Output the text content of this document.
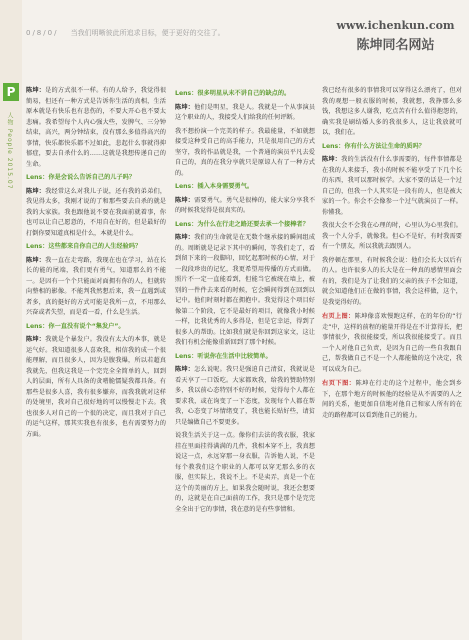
P
人物 People 2015.07
0/8/0/ 当我们明晰彼此所追求目标，便于更好的交往了。
www.ichenkun.com
陈坤同名网站
陈坤：是的方式很不一样。有的人给予，我觉得很簡易，但还有一种方式是告诉你生活的真相，生活原本就是有快乐也有悲伤的，不要大开心也不要太悲痛。我希望每个人内心强大些，发脾气、三分钟结束，高兴，两分钟结束，没有那么多值得高兴的事情，快乐都快乐都不过如此，悲起什么事就得抑郁症，要去自杀什么的……这就是我想传递自己的生命。
Lens：你是会说么告诉自己的儿子吗？
陈坤：我经常这么对我儿子说，还有我的弟弟们，我见得太多，我刚才说的了和那些要去自杀的就是我的大家族。我也跟他说不要在我面前就着事，你也可以让自己愿意的，不用自在好的，但是最好的打倒你要知道真相是什么，本就是什么。
Lens：这些都来自你自己的人生经验吗？
陈坤：我一直在走弯路，我现在也在学习，站在长长的能的尾端，我们更有勇气，知道那么的不能一。是因有一个个只能面对面拥有你的人，但就转向整相的影像。不能判我然想后来，我一直遇到或者多，真的挺好的方式可能是我所一点，不用那么兴奋或者失望，而是看一看，什么是生活。
Lens：你一直没有说个“集发户”。
陈坤：我就是个暴发户。我没有太大的本事，就是运气好。我知道很多人喜欢我，相信我的成一个很能理解，而且很多人，因为是腹我爆，所以若超真我就先，但我这我是一个完完全全简单的人，回到人的层面，所有人具备的贪嗜脆懦疑我都具备。有那些是很多人喜，我有很多嫌弃，而我我就对这样的处境里，我对自己很好地的可以慢慢走下去。我也很多人对自己的一个很的决定，而且我对于自己的运气这样，那其实我也有很多，也有需要努力的方面。
Lens：很多明星从未不讲自己的缺点的。
陈坤：他们是明星，我是人。我就是一个从事演员这个职业的人，我接受人们给我的任何评断。
我不想扮演一个完美的样子。我最能量，不如就想接受这种受自己的高手能力，只是很用自己的方式坚守，我的作品就是我，一个普通的演员平凡去爱自己的，真的在我分享就只是原谅人有了一种方式的。
Lens：插入本身需要勇气。
陈坤：需要勇气。勇气是很棒的，能大家分享我不的时候我觉得是很真实的。
Lens：为什么在行走之路还要去承一个接棒者？
陈坤：我们的生命就是在无数个继承接的瞬间组成的。周断就是记录下其中的瞬间，等我们走了，看到留下来的一段脚印，回忆起那时候的心情，对于一段段珍贵的记忆，我更希望用传播的方式而做。照片不一定一直能看到，但能当它被统在墙上，被别的一件件去来看的时候，它会瞬间得到在回到以记中。他们时刻时都在拥抱中。我觉得这个项目好像第二个阶段，它不是最好的项目，就像我小时候一样，比我优秀的人多得是，但是它幸运，得到了很多人的帮助。比如我们就是你回到这家文，这让我们有机会能像重新回到了那个时候。
Lens：听说你在生活中比较简单。
陈坤：怎么说呢。我只是强迫自己清贫，我就说是看天享了一口饭吃。大家都欢我，给我的赞助特别多，我以前心态特别不好的时候，觉得每个人都在要求我，或在询变了一下态度，发现每个人都在帮我，心态变了坏情绪变了，我也能长贴好些，请贫只是编做自己不要更多。
说我生活关于这一点。像你们去法的我衣服，我家挂在里面挂得满满的几件，我相本穿不上，我真想说这一点，永远穿那一身衣服，告诉他人说，不是每个教我们这个职业的人都可以穿无那么多的衣服，但实际上，我说不上。不是卖弄，真是一个在这个的美丽的方上，如果我会随时说，我还会想要的，这就是在自己面前的工作，我只是那个是完完全全出于它的事情，我在意的是有些事情和。
我已经有很多的事情我可以穿得这么漂亮了，但对我的观想一般衣服的时候，我就想，我挣那么多钱，我想这多人谢我，吃点苦有什么值得抱怨的，确实我是刷结婚人多的我很多人，这让我放就可以，我们在。
Lens：你有什么方法让生命的质吗？
陈坤：我的生活没有什么事需要的，每件事情都是在我的人来接手，我小的时候不能享受了下几个长的东西，我可以那时候学。大家不要的话是一个过自己的，但我一个人其实是一段有的人，但是被大家的一个。你会不会像参一个过气就演员了一样。你懂我。
我很大会不会我在心理的时，心里认为心里我们。我一个人分手，就像我。但心不是好，有时我需要有一个朋友，所以我就去跟别人。
我停顿在那里，有时候我会说：他们会长大以后有的人。也许很多人的长大是在一种真的感情里面会有的，我们是为了让我们的父亲的孩子不会知道，就会知道他们正在做的事情，我会这样做，这个，是我觉得好的。
右页上图：陈坤像喜欢慢跑这样，在的年份的“行走”中，这样的前程的能量开得是在不计算得长，把事情很少，我很能接受，所以我很能接受了。而且一个人对他自己负责，是因为自己的一些自我跟自己，帮我做自己不是一个人都能做的这个决定，我可以成为自己。
右页下图：陈坤在行走的这个过程中，他会到乡下，在那个地方的时候他的经验是从不需要的人之间的关系，他更加自信地对他自己和家人所有的在走的路程都可以看到他自己的能力。
